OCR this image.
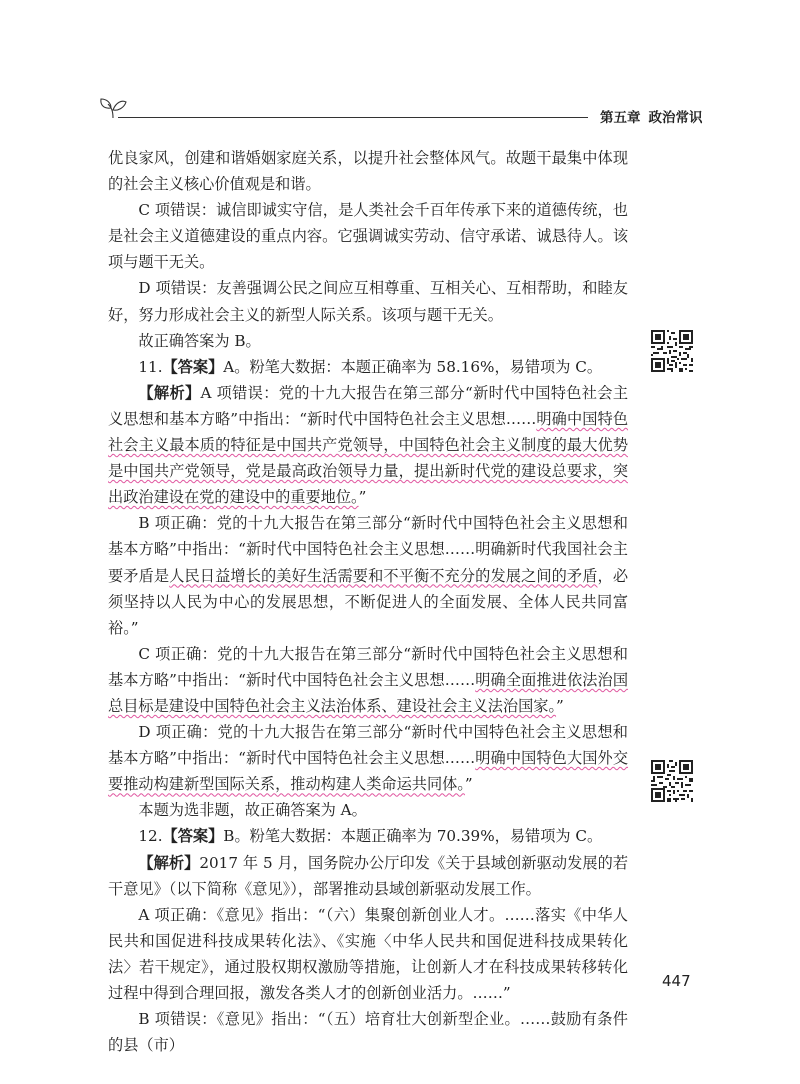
第五章 政治常识

优良家风，创建和谐婚姻家庭关系，以提升社会整体风气。故题干最集中体现的社会主义核心价值观是和谐。

C 项错误：诚信即诚实守信，是人类社会千百年传承下来的道德传统，也是社会主义道德建设的重点内容。它强调诚实劳动、信守承诺、诚恳待人。该项与题干无关。

D 项错误：友善强调公民之间应互相尊重、互相关心、互相帮助，和睦友好，努力形成社会主义的新型人际关系。该项与题干无关。

故正确答案为 B。

11.【答案】A。粉笔大数据：本题正确率为 58.16%，易错项为 C。

【解析】A 项错误：党的十九大报告在第三部分“新时代中国特色社会主义思想和基本方略”中指出：“新时代中国特色社会主义思想……明确中国特色社会主义最本质的特征是中国共产党领导，中国特色社会主义制度的最大优势是中国共产党领导，党是最高政治领导力量，提出新时代党的建设总要求，突出政治建设在党的建设中的重要地位。”

B 项正确：党的十九大报告在第三部分“新时代中国特色社会主义思想和基本方略”中指出：“新时代中国特色社会主义思想……明确新时代我国社会主要矛盾是人民日益增长的美好生活需要和不平衡不充分的发展之间的矛盾，必须坚持以人民为中心的发展思想，不断促进人的全面发展、全体人民共同富裕。”

C 项正确：党的十九大报告在第三部分“新时代中国特色社会主义思想和基本方略”中指出：“新时代中国特色社会主义思想……明确全面推进依法治国总目标是建设中国特色社会主义法治体系、建设社会主义法治国家。”

D 项正确：党的十九大报告在第三部分“新时代中国特色社会主义思想和基本方略”中指出：“新时代中国特色社会主义思想……明确中国特色大国外交要推动构建新型国际关系，推动构建人类命运共同体。”

本题为选非题，故正确答案为 A。

12.【答案】B。粉笔大数据：本题正确率为 70.39%，易错项为 C。

【解析】2017 年 5 月，国务院办公厅印发《关于县域创新驱动发展的若干意见》（以下简称《意见》），部署推动县域创新驱动发展工作。

A 项正确：《意见》指出：“（六）集聚创新创业人才。……落实《中华人民共和国促进科技成果转化法》、《实施〈中华人民共和国促进科技成果转化法〉若干规定》，通过股权期权激励等措施，让创新人才在科技成果转移转化过程中得到合理回报，激发各类人才的创新创业活力。……”

B 项错误：《意见》指出：“（五）培育壮大创新型企业。……鼓励有条件的县（市）

447
